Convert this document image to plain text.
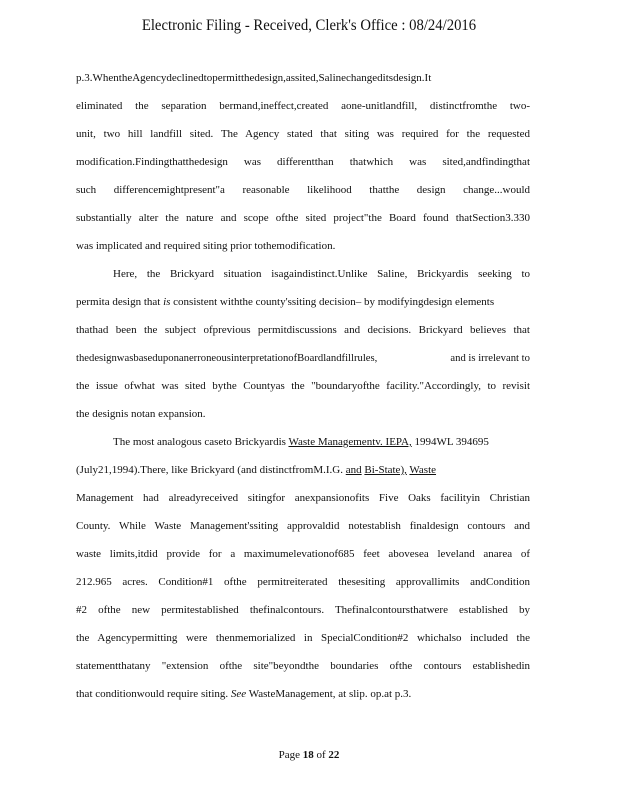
Electronic Filing - Received, Clerk's Office : 08/24/2016
p.3.WhentheAgencydeclinedtopermitthedesign,assited,Salinechangeditsdesign.It
eliminated the separation bermand,ineffect,created aone-unitlandfill, distinctfromthe two-
unit, two hill landfill sited. The Agency stated that siting was required for the requested
modification.Findingthatthedesign was differentthan thatwhich was sited,andfindingthat
such differencemightpresent"a reasonable likelihood thatthe design change...would
substantially alter the nature and scope ofthe sited project"the Board found thatSection3.330
was implicated and required siting prior tothemodification.
Here, the Brickyard situation isagaindistinct.Unlike Saline, Brickyardis seeking to
permita design that is consistent withthe county'ssiting decision– by modifyingdesign elements
thathad been the subject ofprevious permitdiscussions and decisions. Brickyard believes that
thedesignwasbaseduponanerroneousinterpretationofBoardlandfillrules,	and is irrelevant to
the issue ofwhat was sited bythe Countyas the "boundaryofthe facility."Accordingly, to revisit
the designis notan expansion.
The most analogous caseto Brickyardis Waste Managementv. IEPA, 1994WL 394695
(July21,1994).There, like Brickyard (and distinctfromM.I.G. and Bi-State), Waste
Management had alreadyreceived sitingfor anexpansionofits Five Oaks facilityin Christian
County. While Waste Management'ssiting approvaldid notestablish finaldesign contours and
waste limits,itdid provide for a maximumelevationof685 feet abovesea leveland anarea of
212.965 acres. Condition#1 ofthe permitreiterated thesesiting approvallimits andCondition
#2 ofthe new permitestablished thefinalcontours. Thefinalcontoursthatwere established by
the Agencypermitting were thenmemorialized in SpecialCondition#2 whichalso included the
statementthatany "extension ofthe site"beyondthe boundaries ofthe contours establishedin
that conditionwould require siting. See WasteManagement, at slip. op.at p.3.
Page 18 of 22
